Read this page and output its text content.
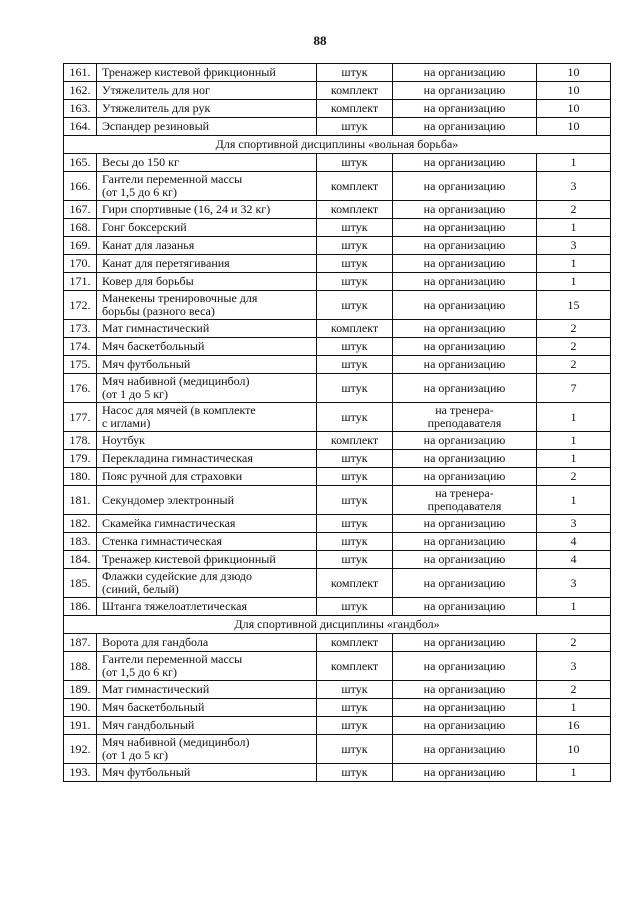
88
161.	Тренажер кистевой фрикционный	штук	на организацию	10
162.	Утяжелитель для ног	комплект	на организацию	10
163.	Утяжелитель для рук	комплект	на организацию	10
164.	Эспандер резиновый	штук	на организацию	10
Для спортивной дисциплины «вольная борьба»				
165.	Весы до 150 кг	штук	на организацию	1
166.	Гантели переменной массы
(от 1,5 до 6 кг)	комплект	на организацию	3
167.	Гири спортивные (16, 24 и 32 кг)	комплект	на организацию	2
168.	Гонг боксерский	штук	на организацию	1
169.	Канат для лазанья	штук	на организацию	3
170.	Канат для перетягивания	штук	на организацию	1
171.	Ковер для борьбы	штук	на организацию	1
172.	Манекены тренировочные для
борьбы (разного веса)	штук	на организацию	15
173.	Мат гимнастический	комплект	на организацию	2
174.	Мяч баскетбольный	штук	на организацию	2
175.	Мяч футбольный	штук	на организацию	2
176.	Мяч набивной (медицинбол)
(от 1 до 5 кг)	штук	на организацию	7
177.	Насос для мячей (в комплекте
с иглами)	штук	на тренера-
преподавателя	1
178.	Ноутбук	комплект	на организацию	1
179.	Перекладина гимнастическая	штук	на организацию	1
180.	Пояс ручной для страховки	штук	на организацию	2
181.	Секундомер электронный	штук	на тренера-
преподавателя	1
182.	Скамейка гимнастическая	штук	на организацию	3
183.	Стенка гимнастическая	штук	на организацию	4
184.	Тренажер кистевой фрикционный	штук	на организацию	4
185.	Флажки судейские для дзюдо
(синий, белый)	комплект	на организацию	3
186.	Штанга тяжелоатлетическая	штук	на организацию	1
Для спортивной дисциплины «гандбол»				
187.	Ворота для гандбола	комплект	на организацию	2
188.	Гантели переменной массы
(от 1,5 до 6 кг)	комплект	на организацию	3
189.	Мат гимнастический	штук	на организацию	2
190.	Мяч баскетбольный	штук	на организацию	1
191.	Мяч гандбольный	штук	на организацию	16
192.	Мяч набивной (медицинбол)
(от 1 до 5 кг)	штук	на организацию	10
193.	Мяч футбольный	штук	на организацию	1
